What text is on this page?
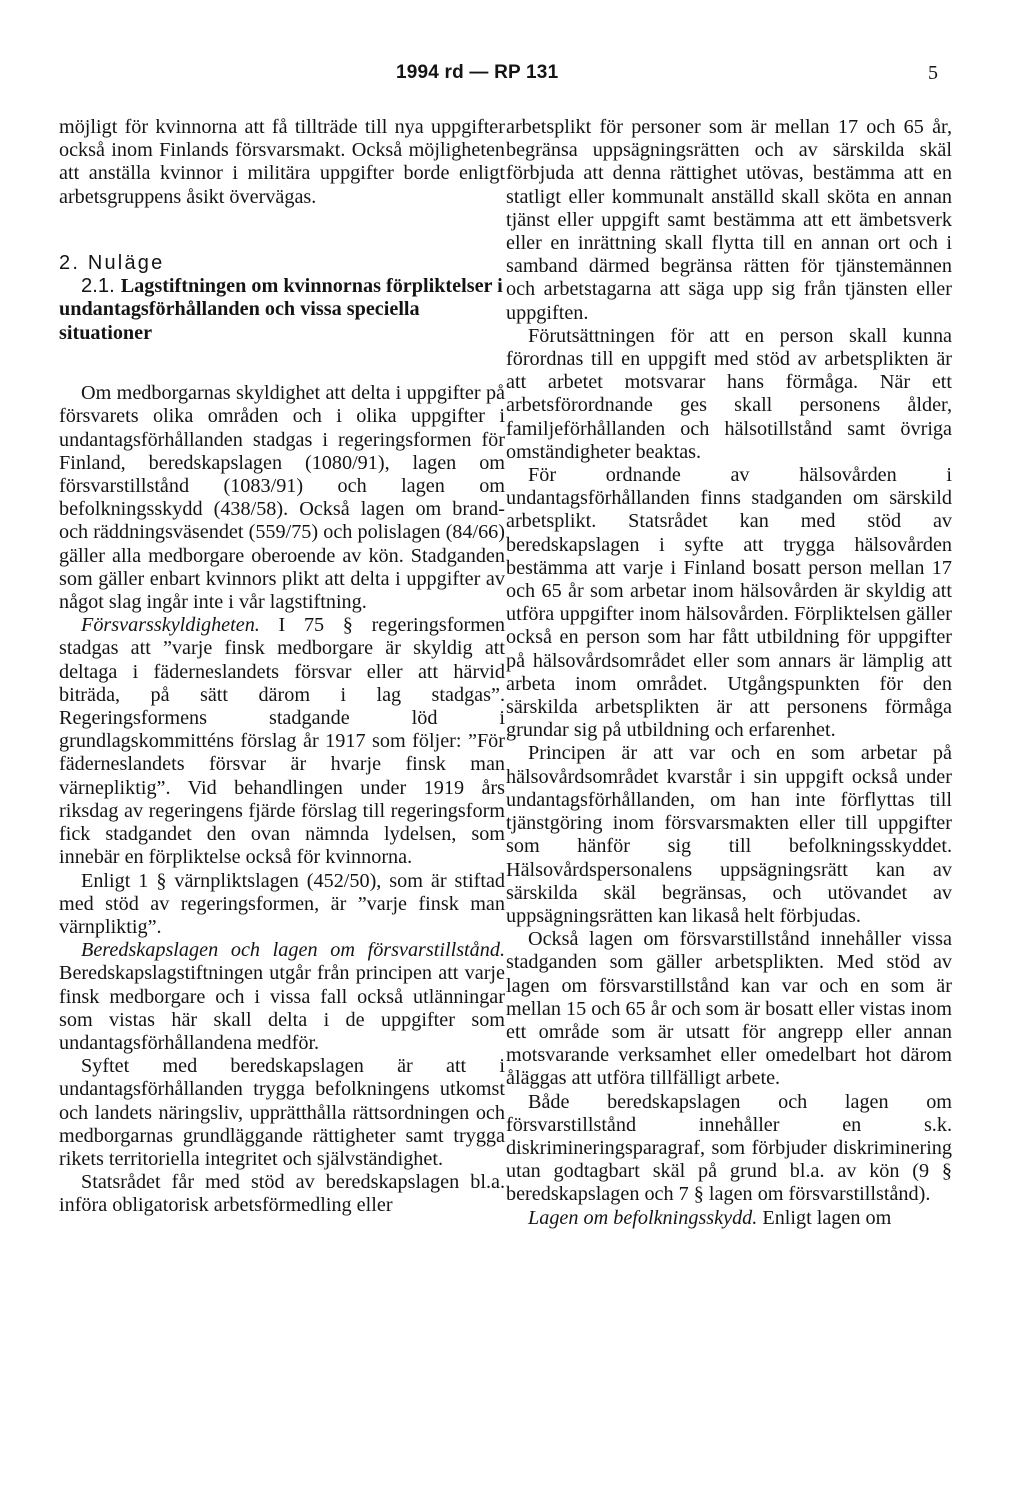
1994 rd — RP 131	5

möjligt för kvinnorna att få tillträde till nya uppgifter också inom Finlands försvarsmakt. Också möjligheten att anställa kvinnor i militära uppgifter borde enligt arbetsgruppens åsikt övervägas.

2. Nuläge

2.1. Lagstiftningen om kvinnornas förpliktelser i undantagsförhållanden och vissa speciella situationer

Om medborgarnas skyldighet att delta i uppgifter på försvarets olika områden och i olika uppgifter i undantagsförhållanden stadgas i regeringsformen för Finland, beredskapslagen (1080/91), lagen om försvarstillstånd (1083/91) och lagen om befolkningsskydd (438/58). Också lagen om brand- och räddningsväsendet (559/75) och polislagen (84/66) gäller alla medborgare oberoende av kön. Stadganden som gäller enbart kvinnors plikt att delta i uppgifter av något slag ingår inte i vår lagstiftning.

Försvarsskyldigheten. I 75 § regeringsformen stadgas att ”varje finsk medborgare är skyldig att deltaga i fäderneslandets försvar eller att härvid biträda, på sätt därom i lag stadgas”. Regeringsformens stadgande löd i grundlagskommitténs förslag år 1917 som följer: ”För fäderneslandets försvar är hvarje finsk man värnepliktig”. Vid behandlingen under 1919 års riksdag av regeringens fjärde förslag till regeringsform fick stadgandet den ovan nämnda lydelsen, som innebär en förpliktelse också för kvinnorna.

Enligt 1 § värnpliktslagen (452/50), som är stiftad med stöd av regeringsformen, är ”varje finsk man värnpliktig”.

Beredskapslagen och lagen om försvarstillstånd. Beredskapslagstiftningen utgår från principen att varje finsk medborgare och i vissa fall också utlänningar som vistas här skall delta i de uppgifter som undantagsförhållandena medför.

Syftet med beredskapslagen är att i undantagsförhållanden trygga befolkningens utkomst och landets näringsliv, upprätthålla rättsordningen och medborgarnas grundläggande rättigheter samt trygga rikets territoriella integritet och självständighet.

Statsrådet får med stöd av beredskapslagen bl.a. införa obligatorisk arbetsförmedling eller

arbetsplikt för personer som är mellan 17 och 65 år, begränsa uppsägningsrätten och av särskilda skäl förbjuda att denna rättighet utövas, bestämma att en statligt eller kommunalt anställd skall sköta en annan tjänst eller uppgift samt bestämma att ett ämbetsverk eller en inrättning skall flytta till en annan ort och i samband därmed begränsa rätten för tjänstemännen och arbetstagarna att säga upp sig från tjänsten eller uppgiften.

Förutsättningen för att en person skall kunna förordnas till en uppgift med stöd av arbetsplikten är att arbetet motsvarar hans förmåga. När ett arbetsförordnande ges skall personens ålder, familjeförhållanden och hälsotillstånd samt övriga omständigheter beaktas.

För ordnande av hälsovården i undantagsförhållanden finns stadganden om särskild arbetsplikt. Statsrådet kan med stöd av beredskapslagen i syfte att trygga hälsovården bestämma att varje i Finland bosatt person mellan 17 och 65 år som arbetar inom hälsovården är skyldig att utföra uppgifter inom hälsovården. Förpliktelsen gäller också en person som har fått utbildning för uppgifter på hälsovårdsområdet eller som annars är lämplig att arbeta inom området. Utgångspunkten för den särskilda arbetsplikten är att personens förmåga grundar sig på utbildning och erfarenhet.

Principen är att var och en som arbetar på hälsovårdsområdet kvarstår i sin uppgift också under undantagsförhållanden, om han inte förflyttas till tjänstgöring inom försvarsmakten eller till uppgifter som hänför sig till befolkningsskyddet. Hälsovårdspersonalens uppsägningsrätt kan av särskilda skäl begränsas, och utövandet av uppsägningsrätten kan likaså helt förbjudas.

Också lagen om försvarstillstånd innehåller vissa stadganden som gäller arbetsplikten. Med stöd av lagen om försvarstillstånd kan var och en som är mellan 15 och 65 år och som är bosatt eller vistas inom ett område som är utsatt för angrepp eller annan motsvarande verksamhet eller omedelbart hot därom åläggas att utföra tillfälligt arbete.

Både beredskapslagen och lagen om försvarstillstånd innehåller en s.k. diskrimineringsparagraf, som förbjuder diskriminering utan godtagbart skäl på grund bl.a. av kön (9 § beredskapslagen och 7 § lagen om försvarstillstånd).

Lagen om befolkningsskydd. Enligt lagen om
